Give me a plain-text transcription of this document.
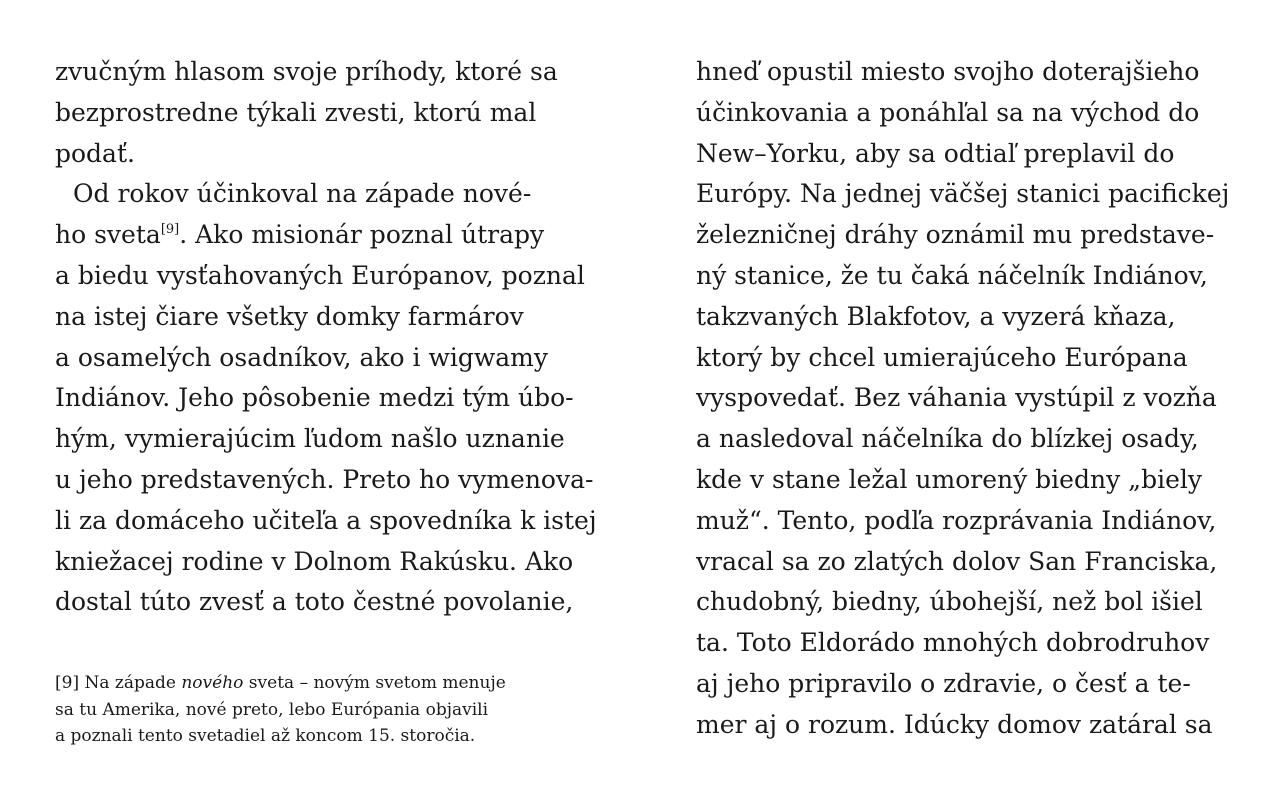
zvučným hlasom svoje príhody, ktoré sa
bezprostredne týkali zvesti, ktorú mal
podať.
Od rokov účinkoval na západe nové-
ho sveta[9]. Ako misionár poznal útrapy
a biedu vysťahovaných Európanov, poznal
na istej čiare všetky domky farmárov
a osamelých osadníkov, ako i wigwamy
Indiánov. Jeho pôsobenie medzi tým úbo-
hým, vymierajúcim ľudom našlo uznanie
u jeho predstavených. Preto ho vymenova-
li za domáceho učiteľa a spovedníka k istej
kniežacej rodine v Dolnom Rakúsku. Ako
dostal túto zvesť a toto čestné povolanie,
[9] Na západe nového sveta – novým svetom menuje
sa tu Amerika, nové preto, lebo Európania objavili
a poznali tento svetadiel až koncom 15. storočia.
hneď opustil miesto svojho doterajšieho
účinkovania a ponáhľal sa na východ do
New–Yorku, aby sa odtiaľ preplavil do
Európy. Na jednej väčšej stanici pacifickej
železničnej dráhy oznámil mu predstave-
ný stanice, že tu čaká náčelník Indiánov,
takzvaných Blakfotov, a vyzerá kňaza,
ktorý by chcel umierajúceho Európana
vyspovedať. Bez váhania vystúpil z vozňa
a nasledoval náčelníka do blízkej osady,
kde v stane ležal umorený biedny „biely
muž“. Tento, podľa rozprávania Indiánov,
vracal sa zo zlatých dolov San Franciska,
chudobný, biedny, úbohejší, než bol išiel
ta. Toto Eldorádo mnohých dobrodruhov
aj jeho pripravilo o zdravie, o česť a te-
mer aj o rozum. Idúcky domov zatáral sa
